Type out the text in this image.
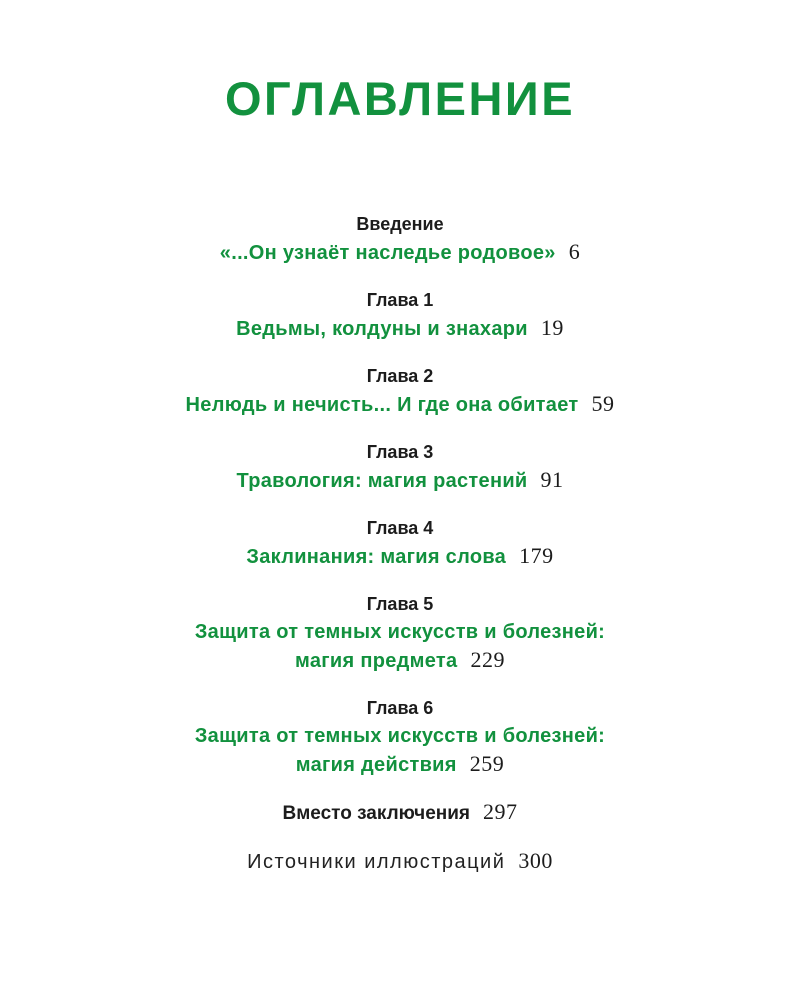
ОГЛАВЛЕНИЕ
Введение
«...Он узнаёт наследье родовое» 6
Глава 1
Ведьмы, колдуны и знахари 19
Глава 2
Нелюдь и нечисть... И где она обитает 59
Глава 3
Травология: магия растений 91
Глава 4
Заклинания: магия слова 179
Глава 5
Защита от темных искусств и болезней:
магия предмета 229
Глава 6
Защита от темных искусств и болезней:
магия действия 259
Вместо заключения 297
Источники иллюстраций 300
